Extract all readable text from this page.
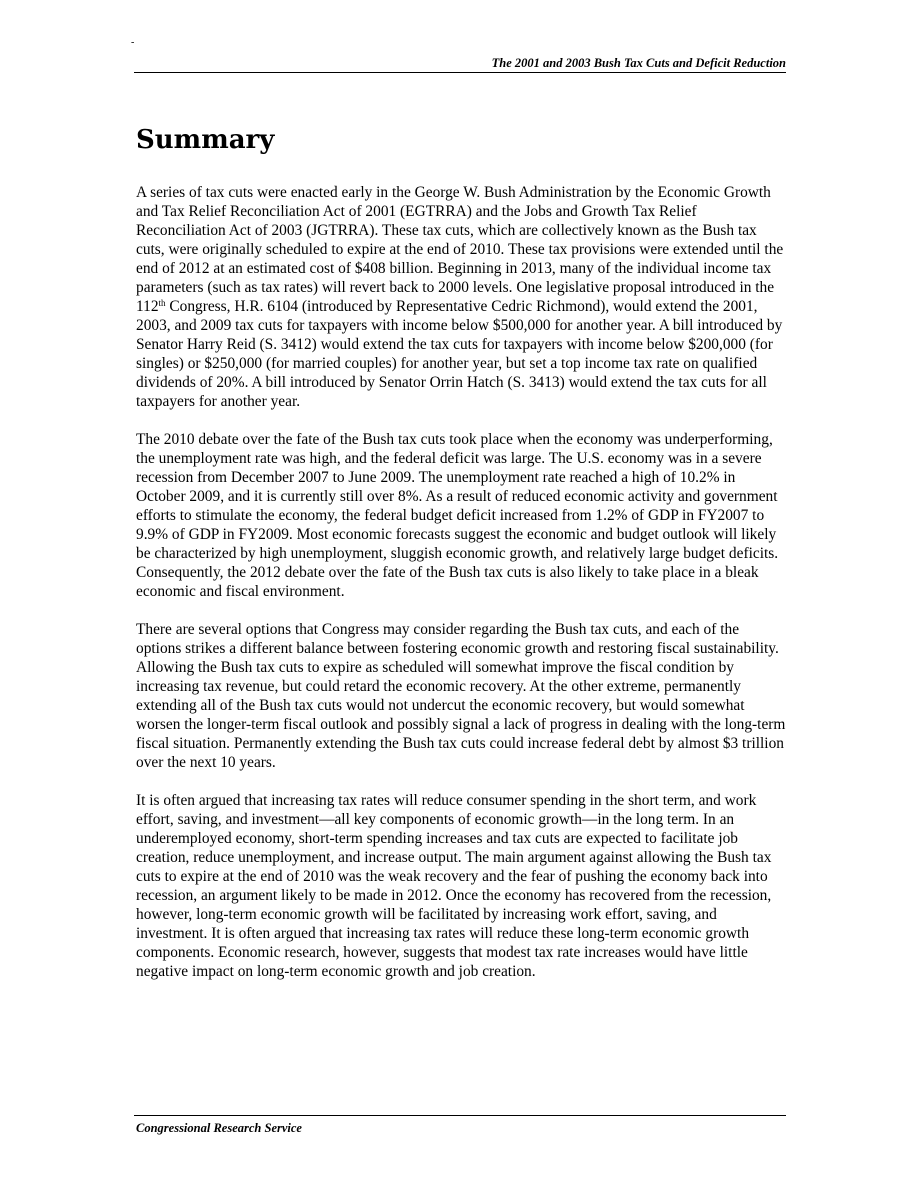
-
The 2001 and 2003 Bush Tax Cuts and Deficit Reduction
Summary

A series of tax cuts were enacted early in the George W. Bush Administration by the Economic Growth and Tax Relief Reconciliation Act of 2001 (EGTRRA) and the Jobs and Growth Tax Relief Reconciliation Act of 2003 (JGTRRA). These tax cuts, which are collectively known as the Bush tax cuts, were originally scheduled to expire at the end of 2010. These tax provisions were extended until the end of 2012 at an estimated cost of $408 billion. Beginning in 2013, many of the individual income tax parameters (such as tax rates) will revert back to 2000 levels. One legislative proposal introduced in the 112th Congress, H.R. 6104 (introduced by Representative Cedric Richmond), would extend the 2001, 2003, and 2009 tax cuts for taxpayers with income below $500,000 for another year. A bill introduced by Senator Harry Reid (S. 3412) would extend the tax cuts for taxpayers with income below $200,000 (for singles) or $250,000 (for married couples) for another year, but set a top income tax rate on qualified dividends of 20%. A bill introduced by Senator Orrin Hatch (S. 3413) would extend the tax cuts for all taxpayers for another year.

The 2010 debate over the fate of the Bush tax cuts took place when the economy was underperforming, the unemployment rate was high, and the federal deficit was large. The U.S. economy was in a severe recession from December 2007 to June 2009. The unemployment rate reached a high of 10.2% in October 2009, and it is currently still over 8%. As a result of reduced economic activity and government efforts to stimulate the economy, the federal budget deficit increased from 1.2% of GDP in FY2007 to 9.9% of GDP in FY2009. Most economic forecasts suggest the economic and budget outlook will likely be characterized by high unemployment, sluggish economic growth, and relatively large budget deficits. Consequently, the 2012 debate over the fate of the Bush tax cuts is also likely to take place in a bleak economic and fiscal environment.

There are several options that Congress may consider regarding the Bush tax cuts, and each of the options strikes a different balance between fostering economic growth and restoring fiscal sustainability. Allowing the Bush tax cuts to expire as scheduled will somewhat improve the fiscal condition by increasing tax revenue, but could retard the economic recovery. At the other extreme, permanently extending all of the Bush tax cuts would not undercut the economic recovery, but would somewhat worsen the longer-term fiscal outlook and possibly signal a lack of progress in dealing with the long-term fiscal situation. Permanently extending the Bush tax cuts could increase federal debt by almost $3 trillion over the next 10 years.

It is often argued that increasing tax rates will reduce consumer spending in the short term, and work effort, saving, and investment—all key components of economic growth—in the long term. In an underemployed economy, short-term spending increases and tax cuts are expected to facilitate job creation, reduce unemployment, and increase output. The main argument against allowing the Bush tax cuts to expire at the end of 2010 was the weak recovery and the fear of pushing the economy back into recession, an argument likely to be made in 2012. Once the economy has recovered from the recession, however, long-term economic growth will be facilitated by increasing work effort, saving, and investment. It is often argued that increasing tax rates will reduce these long-term economic growth components. Economic research, however, suggests that modest tax rate increases would have little negative impact on long-term economic growth and job creation.

Congressional Research Service
